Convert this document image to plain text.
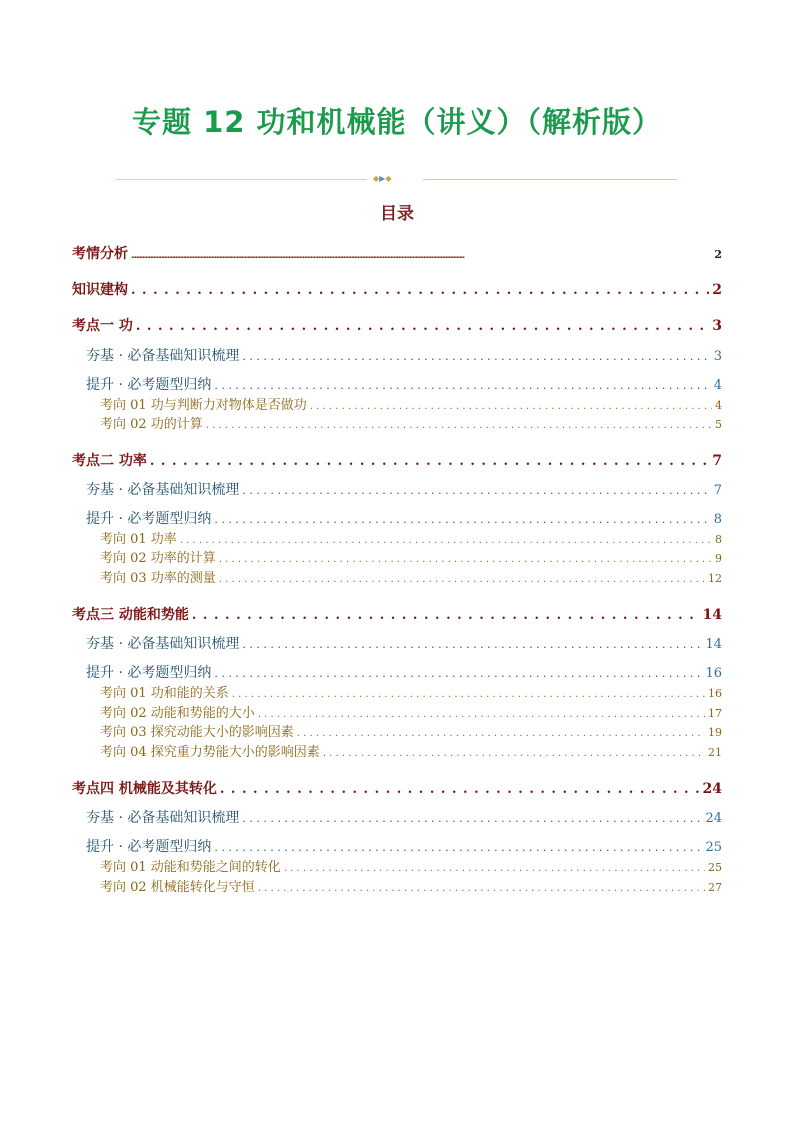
专题 12 功和机械能（讲义）（解析版）
◆▶◆
目录
考情分析 . . .	2
知识建构 . . .	2
考点一 功 . . .	3
夯基 · 必备基础知识梳理 . . .	3
提升 · 必考题型归纳 . . .	4
考向 01 功与判断力对物体是否做功 . . .	4
考向 02 功的计算 . . .	5
考点二 功率 . . .	7
夯基 · 必备基础知识梳理 . . .	7
提升 · 必考题型归纳 . . .	8
考向 01 功率 . . .	8
考向 02 功率的计算 . . .	9
考向 03 功率的测量 . . .	12
考点三 动能和势能 . . .	14
夯基 · 必备基础知识梳理 . . .	14
提升 · 必考题型归纳 . . .	16
考向 01 功和能的关系 . . .	16
考向 02 动能和势能的大小 . . .	17
考向 03 探究动能大小的影响因素 . . .	19
考向 04 探究重力势能大小的影响因素 . . .	21
考点四 机械能及其转化 . . .	24
夯基 · 必备基础知识梳理 . . .	24
提升 · 必考题型归纳 . . .	25
考向 01 动能和势能之间的转化 . . .	25
考向 02 机械能转化与守恒 . . .	27
